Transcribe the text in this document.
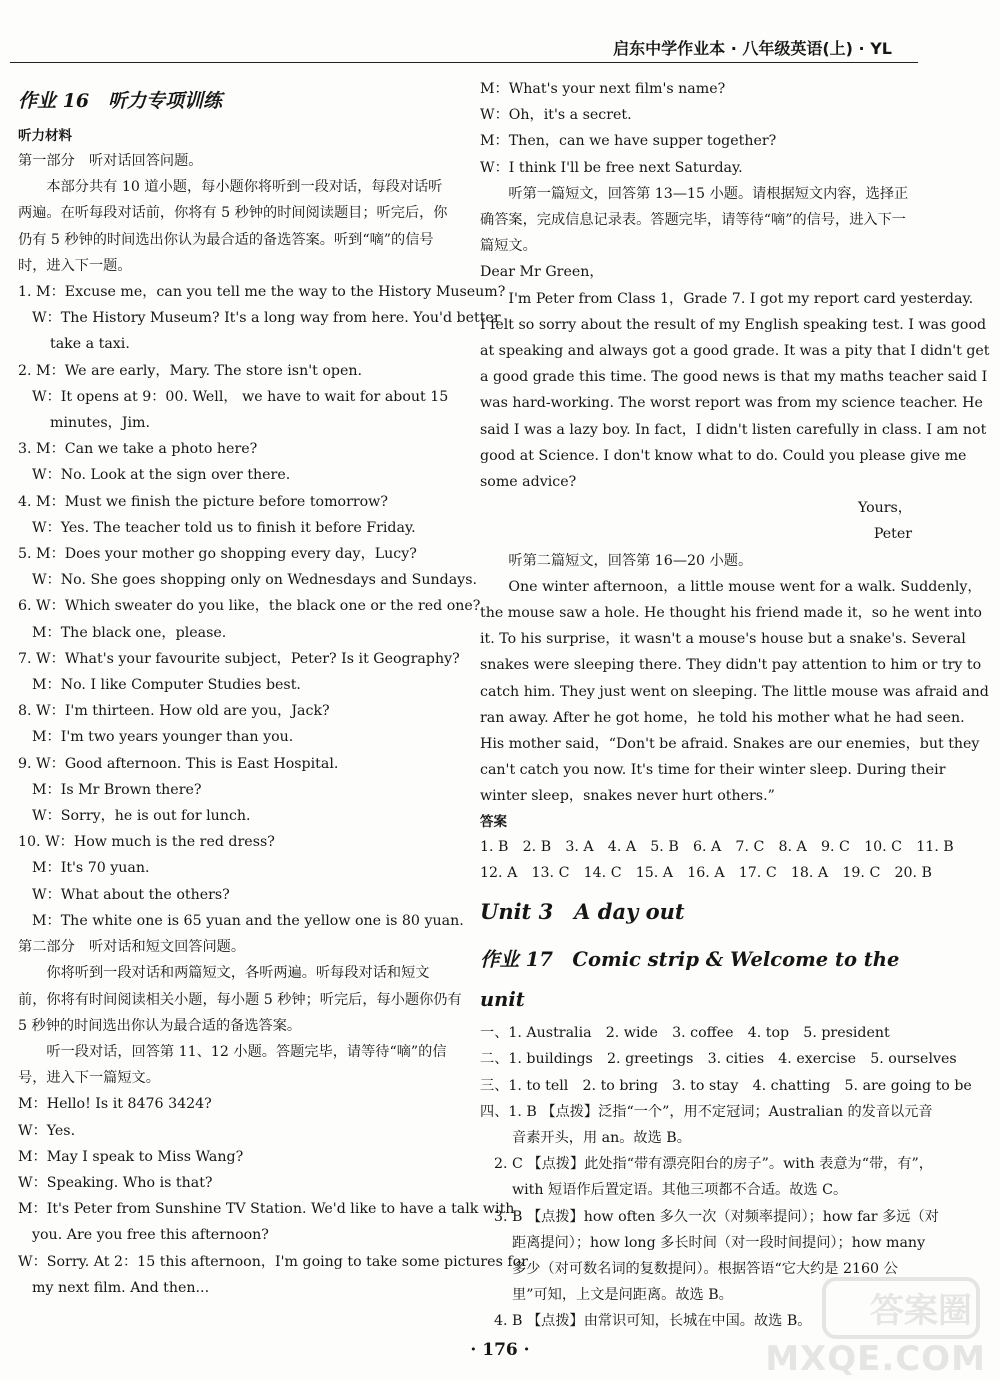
启东中学作业本 · 八年级英语(上) · YL
作业 16　听力专项训练
听力材料
第一部分　听对话回答问题。
本部分共有 10 道小题，每小题你将听到一段对话，每段对话听
两遍。在听每段对话前，你将有 5 秒钟的时间阅读题目；听完后，你
仍有 5 秒钟的时间选出你认为最合适的备选答案。听到“嘀”的信号
时，进入下一题。
1. M：Excuse me，can you tell me the way to the History Museum?
W：The History Museum? It's a long way from here. You'd better
take a taxi.
2. M：We are early，Mary. The store isn't open.
W：It opens at 9：00. Well， we have to wait for about 15
minutes，Jim.
3. M：Can we take a photo here?
W：No. Look at the sign over there.
4. M：Must we finish the picture before tomorrow?
W：Yes. The teacher told us to finish it before Friday.
5. M：Does your mother go shopping every day，Lucy?
W：No. She goes shopping only on Wednesdays and Sundays.
6. W：Which sweater do you like，the black one or the red one?
M：The black one，please.
7. W：What's your favourite subject，Peter? Is it Geography?
M：No. I like Computer Studies best.
8. W：I'm thirteen. How old are you，Jack?
M：I'm two years younger than you.
9. W：Good afternoon. This is East Hospital.
M：Is Mr Brown there?
W：Sorry，he is out for lunch.
10. W：How much is the red dress?
M：It's 70 yuan.
W：What about the others?
M：The white one is 65 yuan and the yellow one is 80 yuan.
第二部分　听对话和短文回答问题。
你将听到一段对话和两篇短文，各听两遍。听每段对话和短文
前，你将有时间阅读相关小题，每小题 5 秒钟；听完后，每小题你仍有
5 秒钟的时间选出你认为最合适的备选答案。
听一段对话，回答第 11、12 小题。答题完毕，请等待“嘀”的信
号，进入下一篇短文。
M：Hello! Is it 8476 3424?
W：Yes.
M：May I speak to Miss Wang?
W：Speaking. Who is that?
M：It's Peter from Sunshine TV Station. We'd like to have a talk with
you. Are you free this afternoon?
W：Sorry. At 2：15 this afternoon，I'm going to take some pictures for
my next film. And then...
M：What's your next film's name?
W：Oh，it's a secret.
M：Then，can we have supper together?
W：I think I'll be free next Saturday.
听第一篇短文，回答第 13—15 小题。请根据短文内容，选择正
确答案，完成信息记录表。答题完毕，请等待“嘀”的信号，进入下一
篇短文。
Dear Mr Green，
I'm Peter from Class 1，Grade 7. I got my report card yesterday.
I felt so sorry about the result of my English speaking test. I was good
at speaking and always got a good grade. It was a pity that I didn't get
a good grade this time. The good news is that my maths teacher said I
was hard-working. The worst report was from my science teacher. He
said I was a lazy boy. In fact，I didn't listen carefully in class. I am not
good at Science. I don't know what to do. Could you please give me
some advice?
Yours，
Peter
听第二篇短文，回答第 16—20 小题。
One winter afternoon，a little mouse went for a walk. Suddenly，
the mouse saw a hole. He thought his friend made it，so he went into
it. To his surprise，it wasn't a mouse's house but a snake's. Several
snakes were sleeping there. They didn't pay attention to him or try to
catch him. They just went on sleeping. The little mouse was afraid and
ran away. After he got home，he told his mother what he had seen.
His mother said，“Don't be afraid. Snakes are our enemies，but they
can't catch you now. It's time for their winter sleep. During their
winter sleep，snakes never hurt others.”
答案
1. B　2. B　3. A　4. A　5. B　6. A　7. C　8. A　9. C　10. C　11. B
12. A　13. C　14. C　15. A　16. A　17. C　18. A　19. C　20. B
Unit 3　A day out
作业 17　Comic strip & Welcome to the unit
一、1. Australia　2. wide　3. coffee　4. top　5. president
二、1. buildings　2. greetings　3. cities　4. exercise　5. ourselves
三、1. to tell　2. to bring　3. to stay　4. chatting　5. are going to be
四、1. B 【点拨】泛指“一个”，用不定冠词；Australian 的发音以元音
音素开头，用 an。故选 B。
2. C 【点拨】此处指“带有漂亮阳台的房子”。with 表意为“带，有”，
with 短语作后置定语。其他三项都不合适。故选 C。
3. B 【点拨】how often 多久一次（对频率提问）；how far 多远（对
距离提问）；how long 多长时间（对一段时间提问）；how many
多少（对可数名词的复数提问）。根据答语“它大约是 2160 公
里”可知，上文是问距离。故选 B。
4. B 【点拨】由常识可知，长城在中国。故选 B。
· 176 ·
答案圈
MXQE.COM
